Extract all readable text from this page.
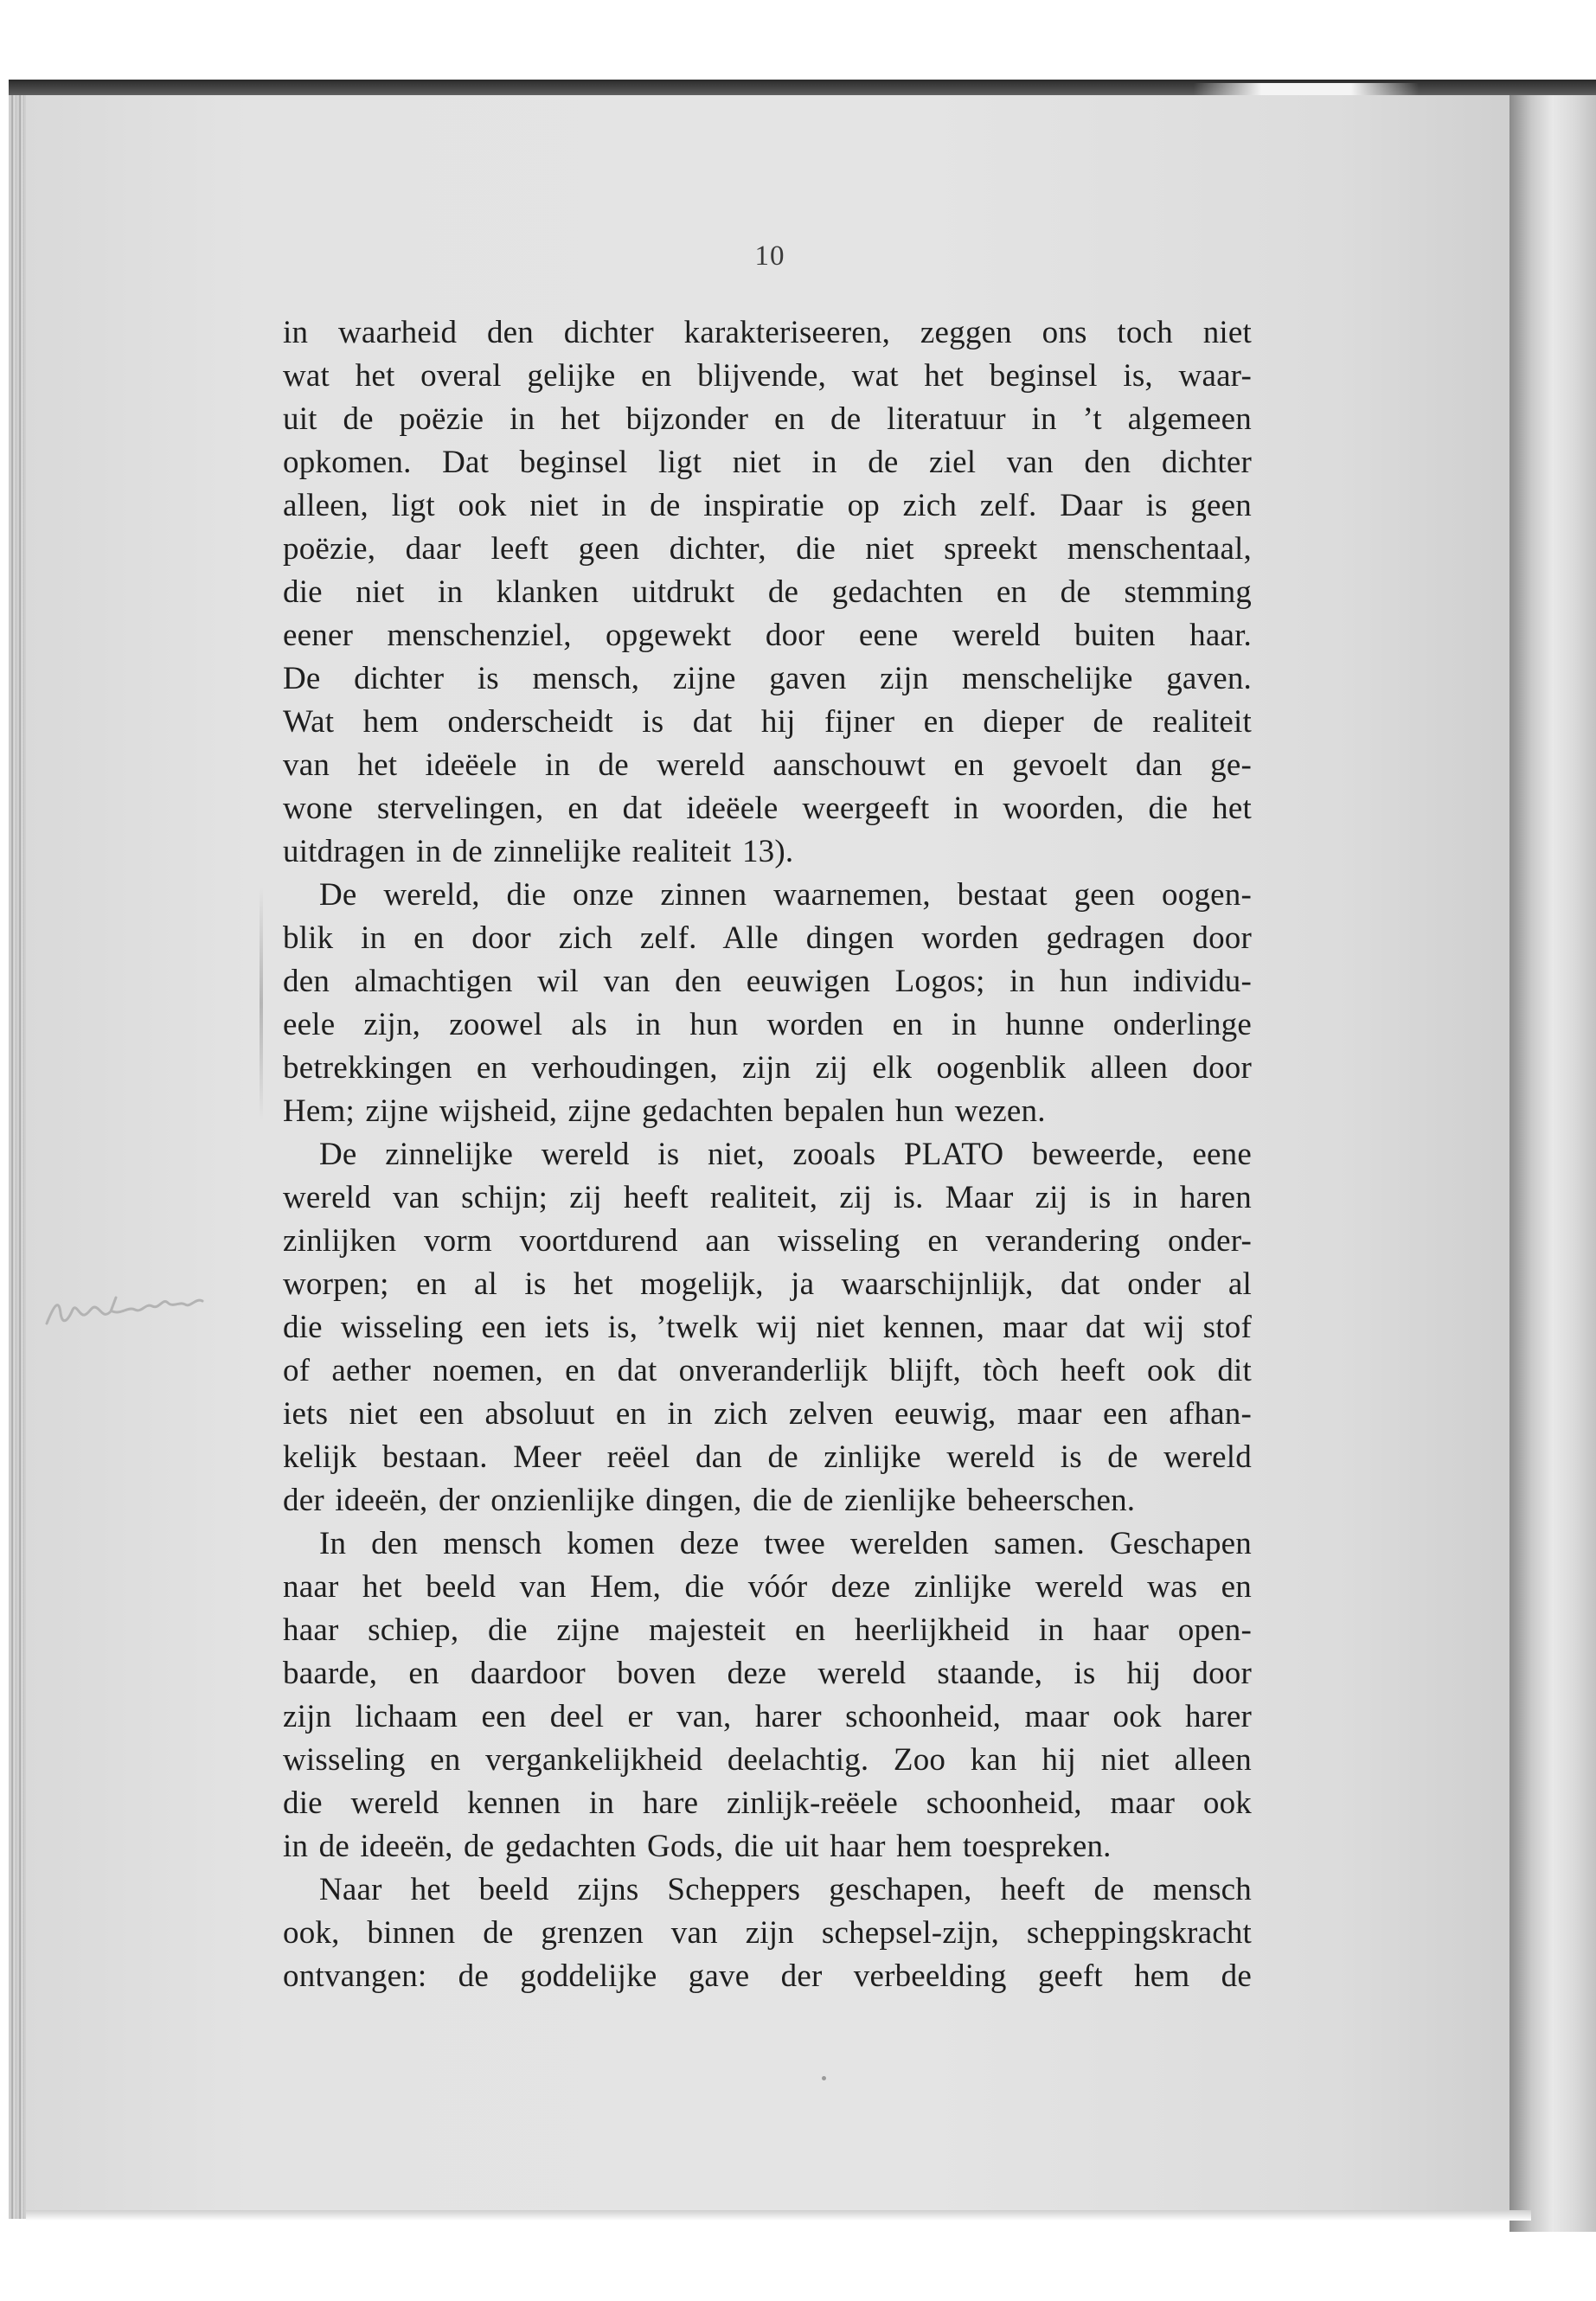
10
in waarheid den dichter karakteriseeren, zeggen ons toch niet
wat het overal gelijke en blijvende, wat het beginsel is, waar-
uit de poëzie in het bijzonder en de literatuur in ’t algemeen
opkomen. Dat beginsel ligt niet in de ziel van den dichter
alleen, ligt ook niet in de inspiratie op zich zelf. Daar is geen
poëzie, daar leeft geen dichter, die niet spreekt menschentaal,
die niet in klanken uitdrukt de gedachten en de stemming
eener menschenziel, opgewekt door eene wereld buiten haar.
De dichter is mensch, zijne gaven zijn menschelijke gaven.
Wat hem onderscheidt is dat hij fijner en dieper de realiteit
van het ideëele in de wereld aanschouwt en gevoelt dan ge-
wone stervelingen, en dat ideëele weergeeft in woorden, die het
uitdragen in de zinnelijke realiteit 13).
De wereld, die onze zinnen waarnemen, bestaat geen oogen-
blik in en door zich zelf. Alle dingen worden gedragen door
den almachtigen wil van den eeuwigen Logos; in hun individu-
eele zijn, zoowel als in hun worden en in hunne onderlinge
betrekkingen en verhoudingen, zijn zij elk oogenblik alleen door
Hem; zijne wijsheid, zijne gedachten bepalen hun wezen.
De zinnelijke wereld is niet, zooals PLATO beweerde, eene
wereld van schijn; zij heeft realiteit, zij is. Maar zij is in haren
zinlijken vorm voortdurend aan wisseling en verandering onder-
worpen; en al is het mogelijk, ja waarschijnlijk, dat onder al
die wisseling een iets is, ’twelk wij niet kennen, maar dat wij stof
of aether noemen, en dat onveranderlijk blijft, tòch heeft ook dit
iets niet een absoluut en in zich zelven eeuwig, maar een afhan-
kelijk bestaan. Meer reëel dan de zinlijke wereld is de wereld
der ideeën, der onzienlijke dingen, die de zienlijke beheerschen.
In den mensch komen deze twee werelden samen. Geschapen
naar het beeld van Hem, die vóór deze zinlijke wereld was en
haar schiep, die zijne majesteit en heerlijkheid in haar open-
baarde, en daardoor boven deze wereld staande, is hij door
zijn lichaam een deel er van, harer schoonheid, maar ook harer
wisseling en vergankelijkheid deelachtig. Zoo kan hij niet alleen
die wereld kennen in hare zinlijk-reëele schoonheid, maar ook
in de ideeën, de gedachten Gods, die uit haar hem toespreken.
Naar het beeld zijns Scheppers geschapen, heeft de mensch
ook, binnen de grenzen van zijn schepsel-zijn, scheppingskracht
ontvangen: de goddelijke gave der verbeelding geeft hem de
